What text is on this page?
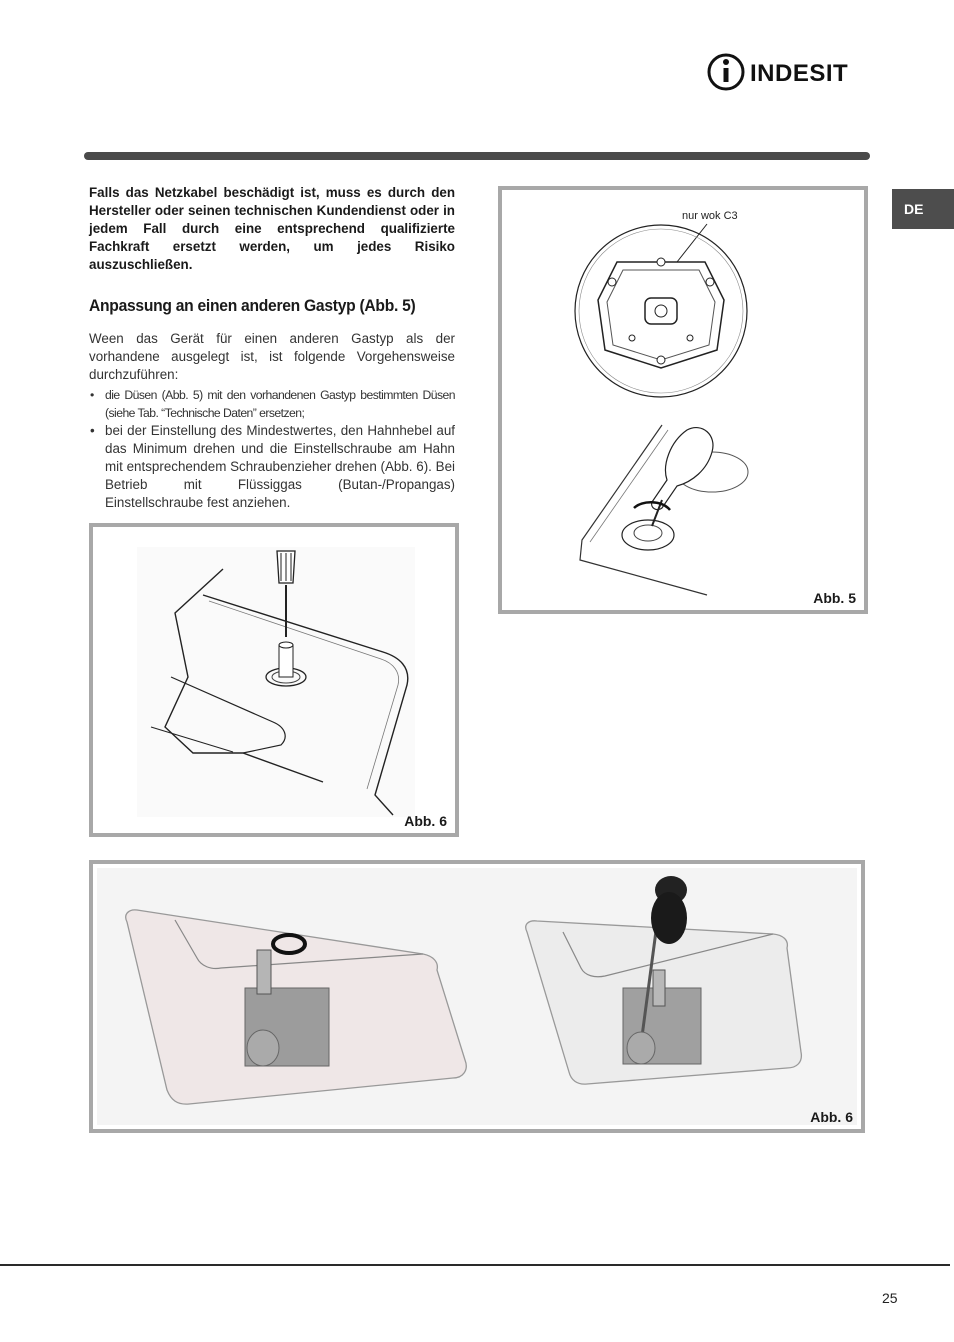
INDESIT
DE

Falls das Netzkabel beschädigt ist, muss es durch den Hersteller oder seinen technischen Kundendienst oder in jedem Fall durch eine entsprechend qualifizierte Fachkraft ersetzt werden, um jedes Risiko auszuschließen.

Anpassung an einen anderen Gastyp (Abb. 5)

Ween das Gerät für einen anderen Gastyp als der vorhandene ausgelegt ist, ist folgende Vorgehensweise durchzuführen:

• die Düsen (Abb. 5) mit den vorhandenen Gastyp bestimmten Düsen (siehe Tab. “Technische Daten” ersetzen;
• bei der Einstellung des Mindestwertes, den Hahnhebel auf das Minimum drehen und die Einstellschraube am Hahn mit entsprechendem Schraubenzieher drehen (Abb. 6). Bei Betrieb mit Flüssiggas (Butan-/Propangas) Einstellschraube fest anziehen.
nur wok C3
Abb. 5
Abb. 6
Abb. 6
25
